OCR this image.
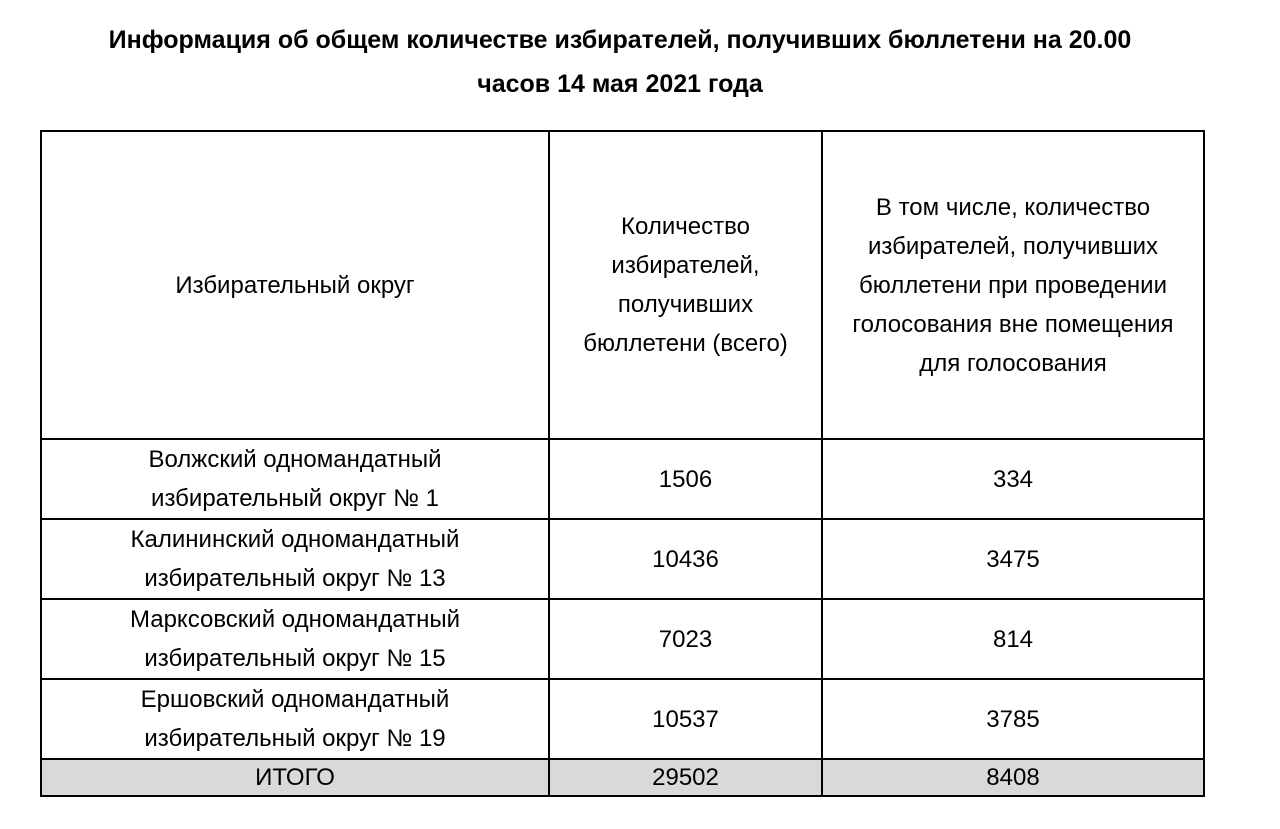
Информация об общем количестве избирателей, получивших бюллетени на 20.00
часов 14 мая 2021 года
Избирательный округ	Количество избирателей, получивших бюллетени (всего)	В том числе, количество избирателей, получивших бюллетени при проведении голосования вне помещения для голосования
Волжский одномандатный избирательный округ № 1	1506	334
Калининский одномандатный избирательный округ № 13	10436	3475
Марксовский одномандатный избирательный округ № 15	7023	814
Ершовский одномандатный избирательный округ № 19	10537	3785
ИТОГО	29502	8408
